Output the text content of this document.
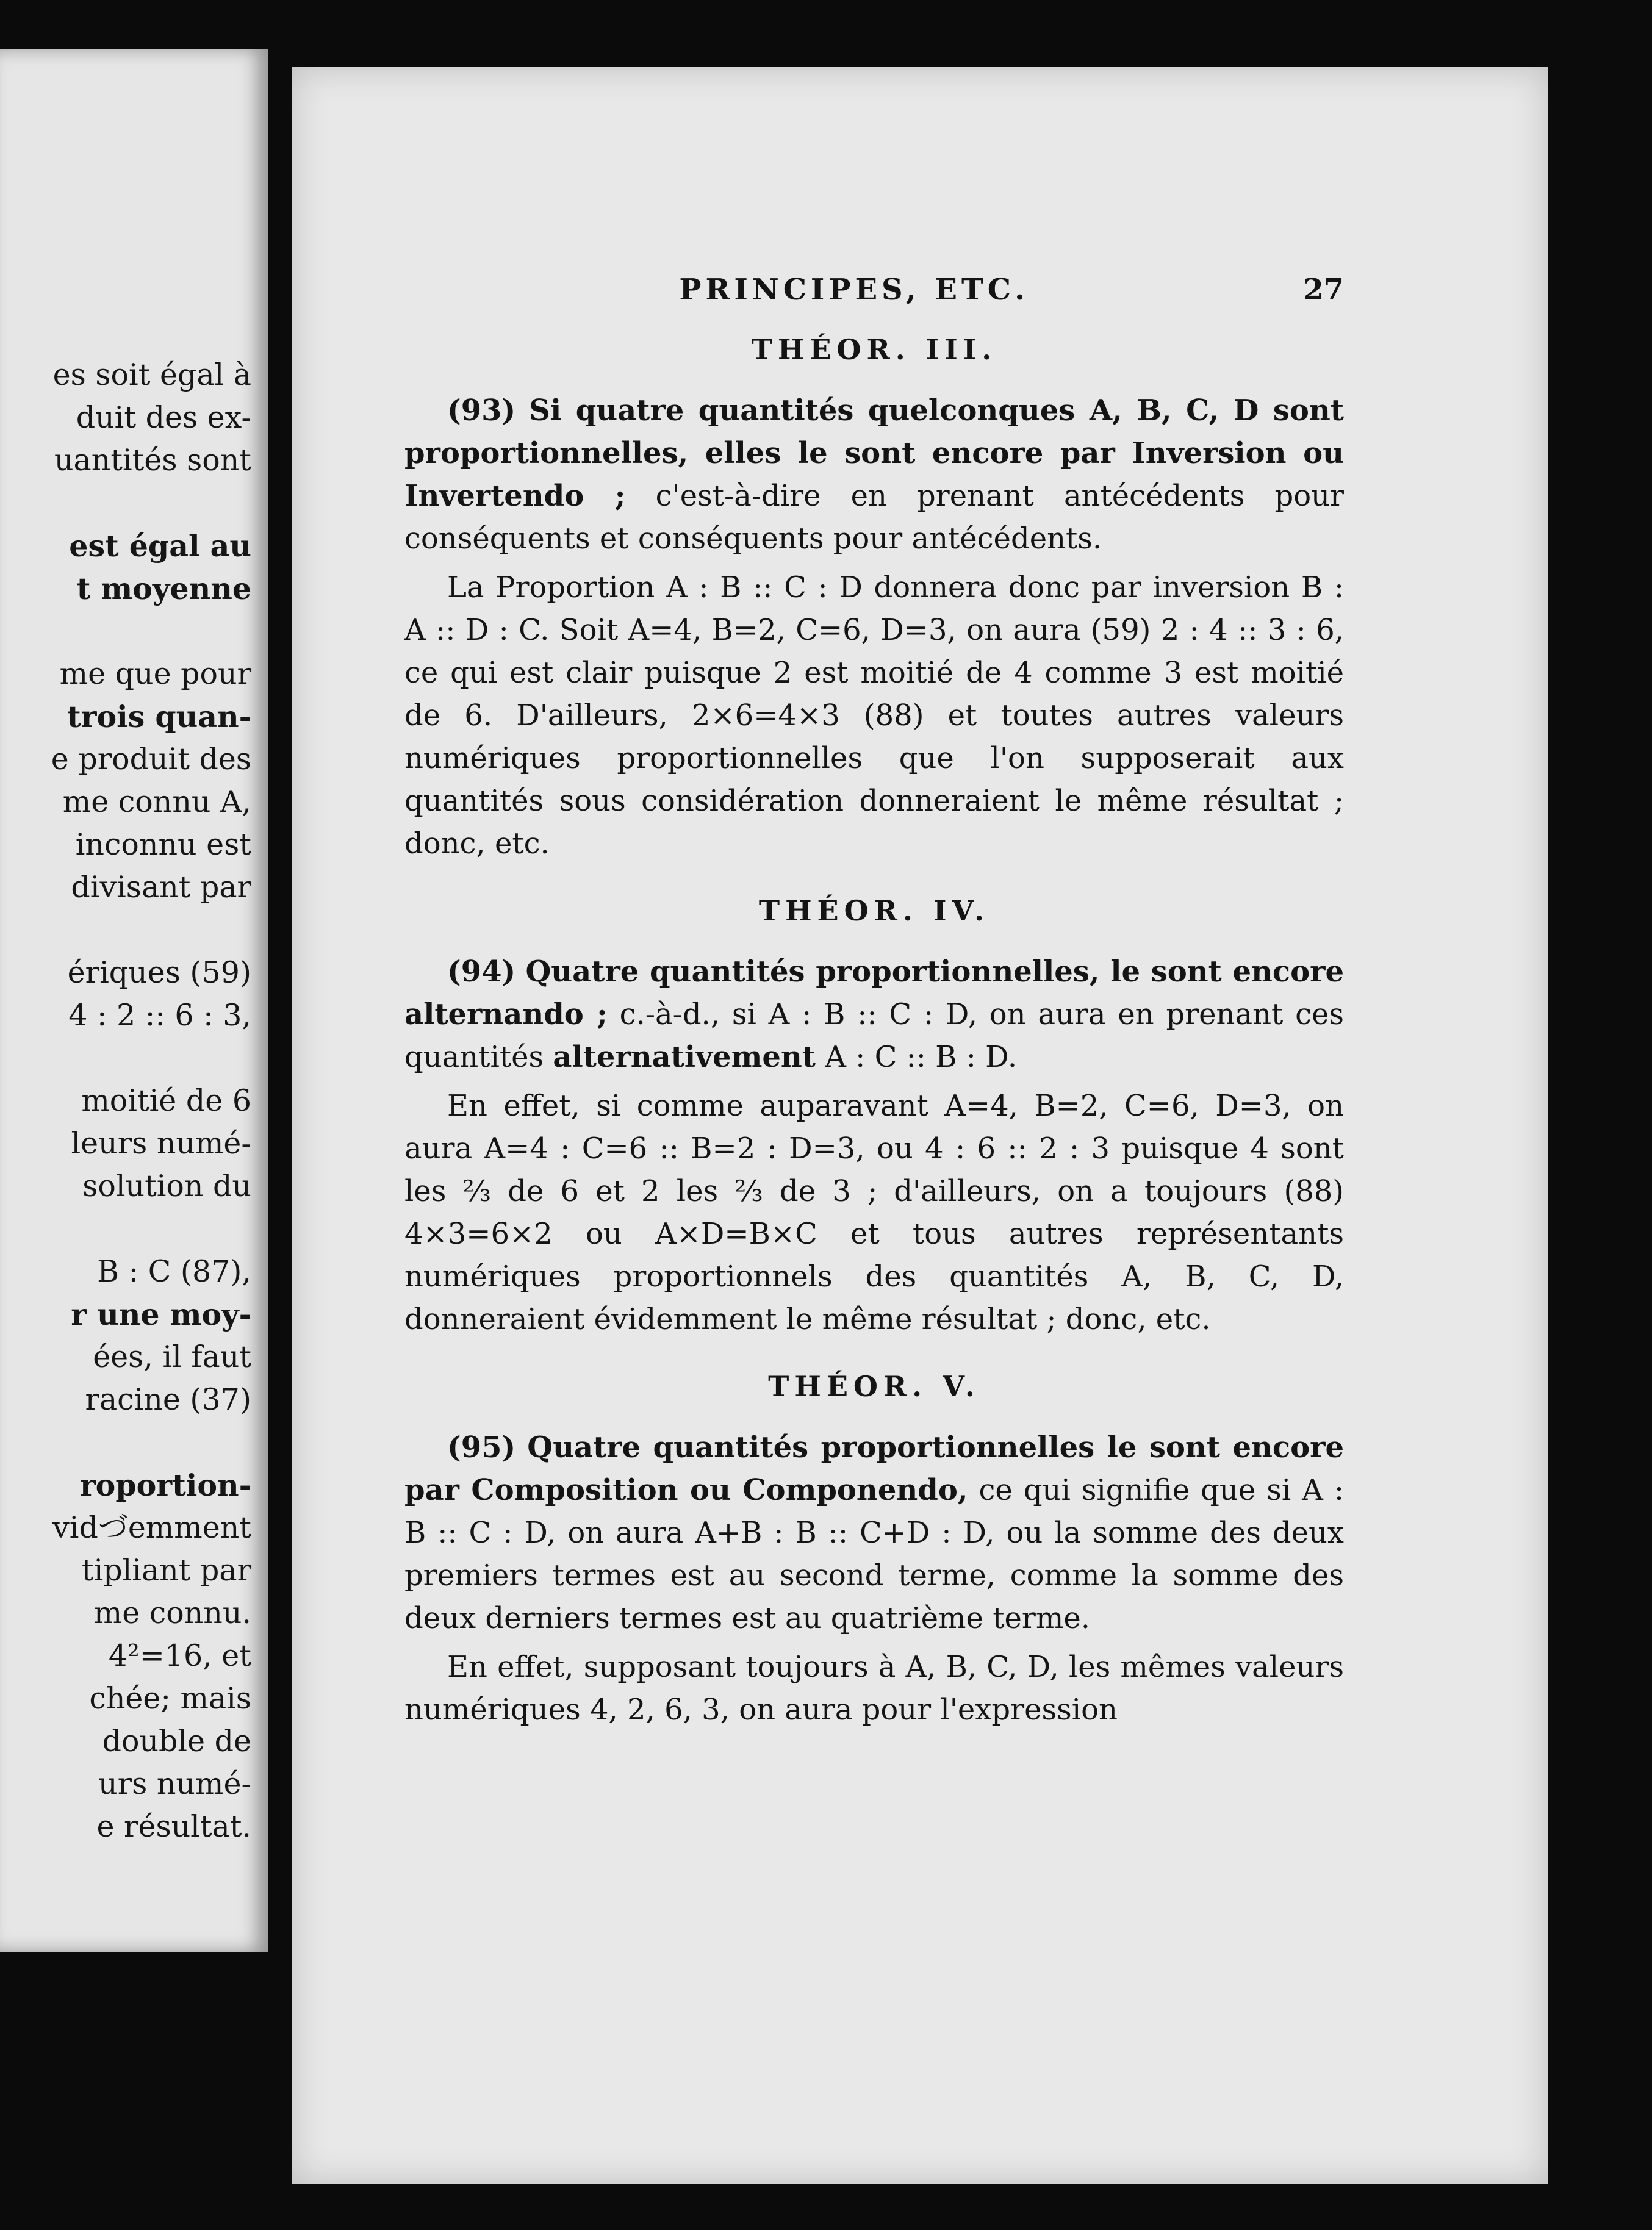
es soit égal à
duit des ex-
uantités sont

est égal au
t moyenne

me que pour
trois quan-
e produit des
me connu A,
inconnu est
divisant par

ériques (59)
4 : 2 :: 6 : 3,

moitié de 6
leurs numé-
solution du

B : C (87),
r une moy-
ées, il faut
racine (37)

roportion-
vidづemment
tipliant par
me connu.
4²=16, et
chée; mais
double de
urs numé-
e résultat.
PRINCIPES, ETC.	27
THÉOR. III.

(93) Si quatre quantités quelconques A, B, C, D sont proportionnelles, elles le sont encore par Inversion ou Invertendo ; c'est-à-dire en prenant antécédents pour conséquents et conséquents pour antécédents.

La Proportion A : B :: C : D donnera donc par inversion B : A :: D : C. Soit A=4, B=2, C=6, D=3, on aura (59) 2 : 4 :: 3 : 6, ce qui est clair puisque 2 est moitié de 4 comme 3 est moitié de 6. D'ailleurs, 2×6=4×3 (88) et toutes autres valeurs numériques proportionnelles que l'on supposerait aux quantités sous considération donneraient le même résultat ; donc, etc.

THÉOR. IV.

(94) Quatre quantités proportionnelles, le sont encore alternando ; c.-à-d., si A : B :: C : D, on aura en prenant ces quantités alternativement A : C :: B : D.

En effet, si comme auparavant A=4, B=2, C=6, D=3, on aura A=4 : C=6 :: B=2 : D=3, ou 4 : 6 :: 2 : 3 puisque 4 sont les ⅔ de 6 et 2 les ⅔ de 3 ; d'ailleurs, on a toujours (88) 4×3=6×2 ou A×D=B×C et tous autres représentants numériques proportionnels des quantités A, B, C, D, donneraient évidemment le même résultat ; donc, etc.

THÉOR. V.

(95) Quatre quantités proportionnelles le sont encore par Composition ou Componendo, ce qui signifie que si A : B :: C : D, on aura A+B : B :: C+D : D, ou la somme des deux premiers termes est au second terme, comme la somme des deux derniers termes est au quatrième terme.

En effet, supposant toujours à A, B, C, D, les mêmes valeurs numériques 4, 2, 6, 3, on aura pour l'expression
